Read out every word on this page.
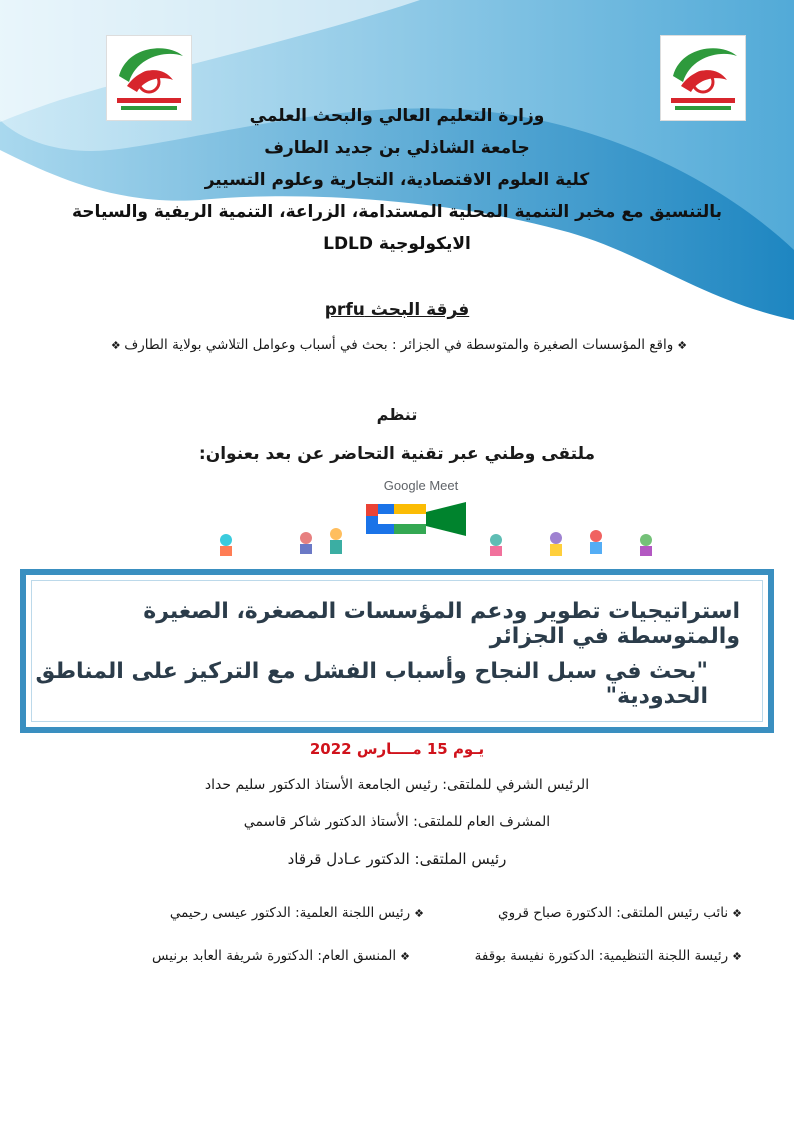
وزارة التعليم العالي والبحث العلمي
جامعة الشاذلي بن جديد الطارف
كلية العلوم الاقتصادية، التجارية وعلوم التسيير
بالتنسيق مع مخبر التنمية المحلية المستدامة، الزراعة، التنمية الريفية والسياحة
الايكولوجية LDLD
فرقة البحث prfu
❖واقع المؤسسات الصغيرة والمتوسطة في الجزائر : بحث في أسباب وعوامل التلاشي بولاية الطارف ❖
تنظم
ملتقى وطني عبر تقنية التحاضر عن بعد بعنوان:
Google Meet
استراتيجيات تطوير ودعم المؤسسات المصغرة، الصغيرة والمتوسطة في الجزائر
"بحث في سبل النجاح وأسباب الفشل مع التركيز على المناطق الحدودية"
يـوم 15 مــــارس 2022
الرئيس الشرفي للملتقى: رئيس الجامعة الأستاذ الدكتور سليم حداد
المشرف العام للملتقى: الأستاذ الدكتور شاكر قاسمي
رئيس الملتقى: الدكتور عـادل قرقاد
❖نائب رئيس الملتقى: الدكتورة صباح قروي
❖رئيس اللجنة العلمية: الدكتور عيسى رحيمي
❖رئيسة اللجنة التنظيمية: الدكتورة نفيسة بوقفة
❖المنسق العام: الدكتورة شريفة العابد برنيس
